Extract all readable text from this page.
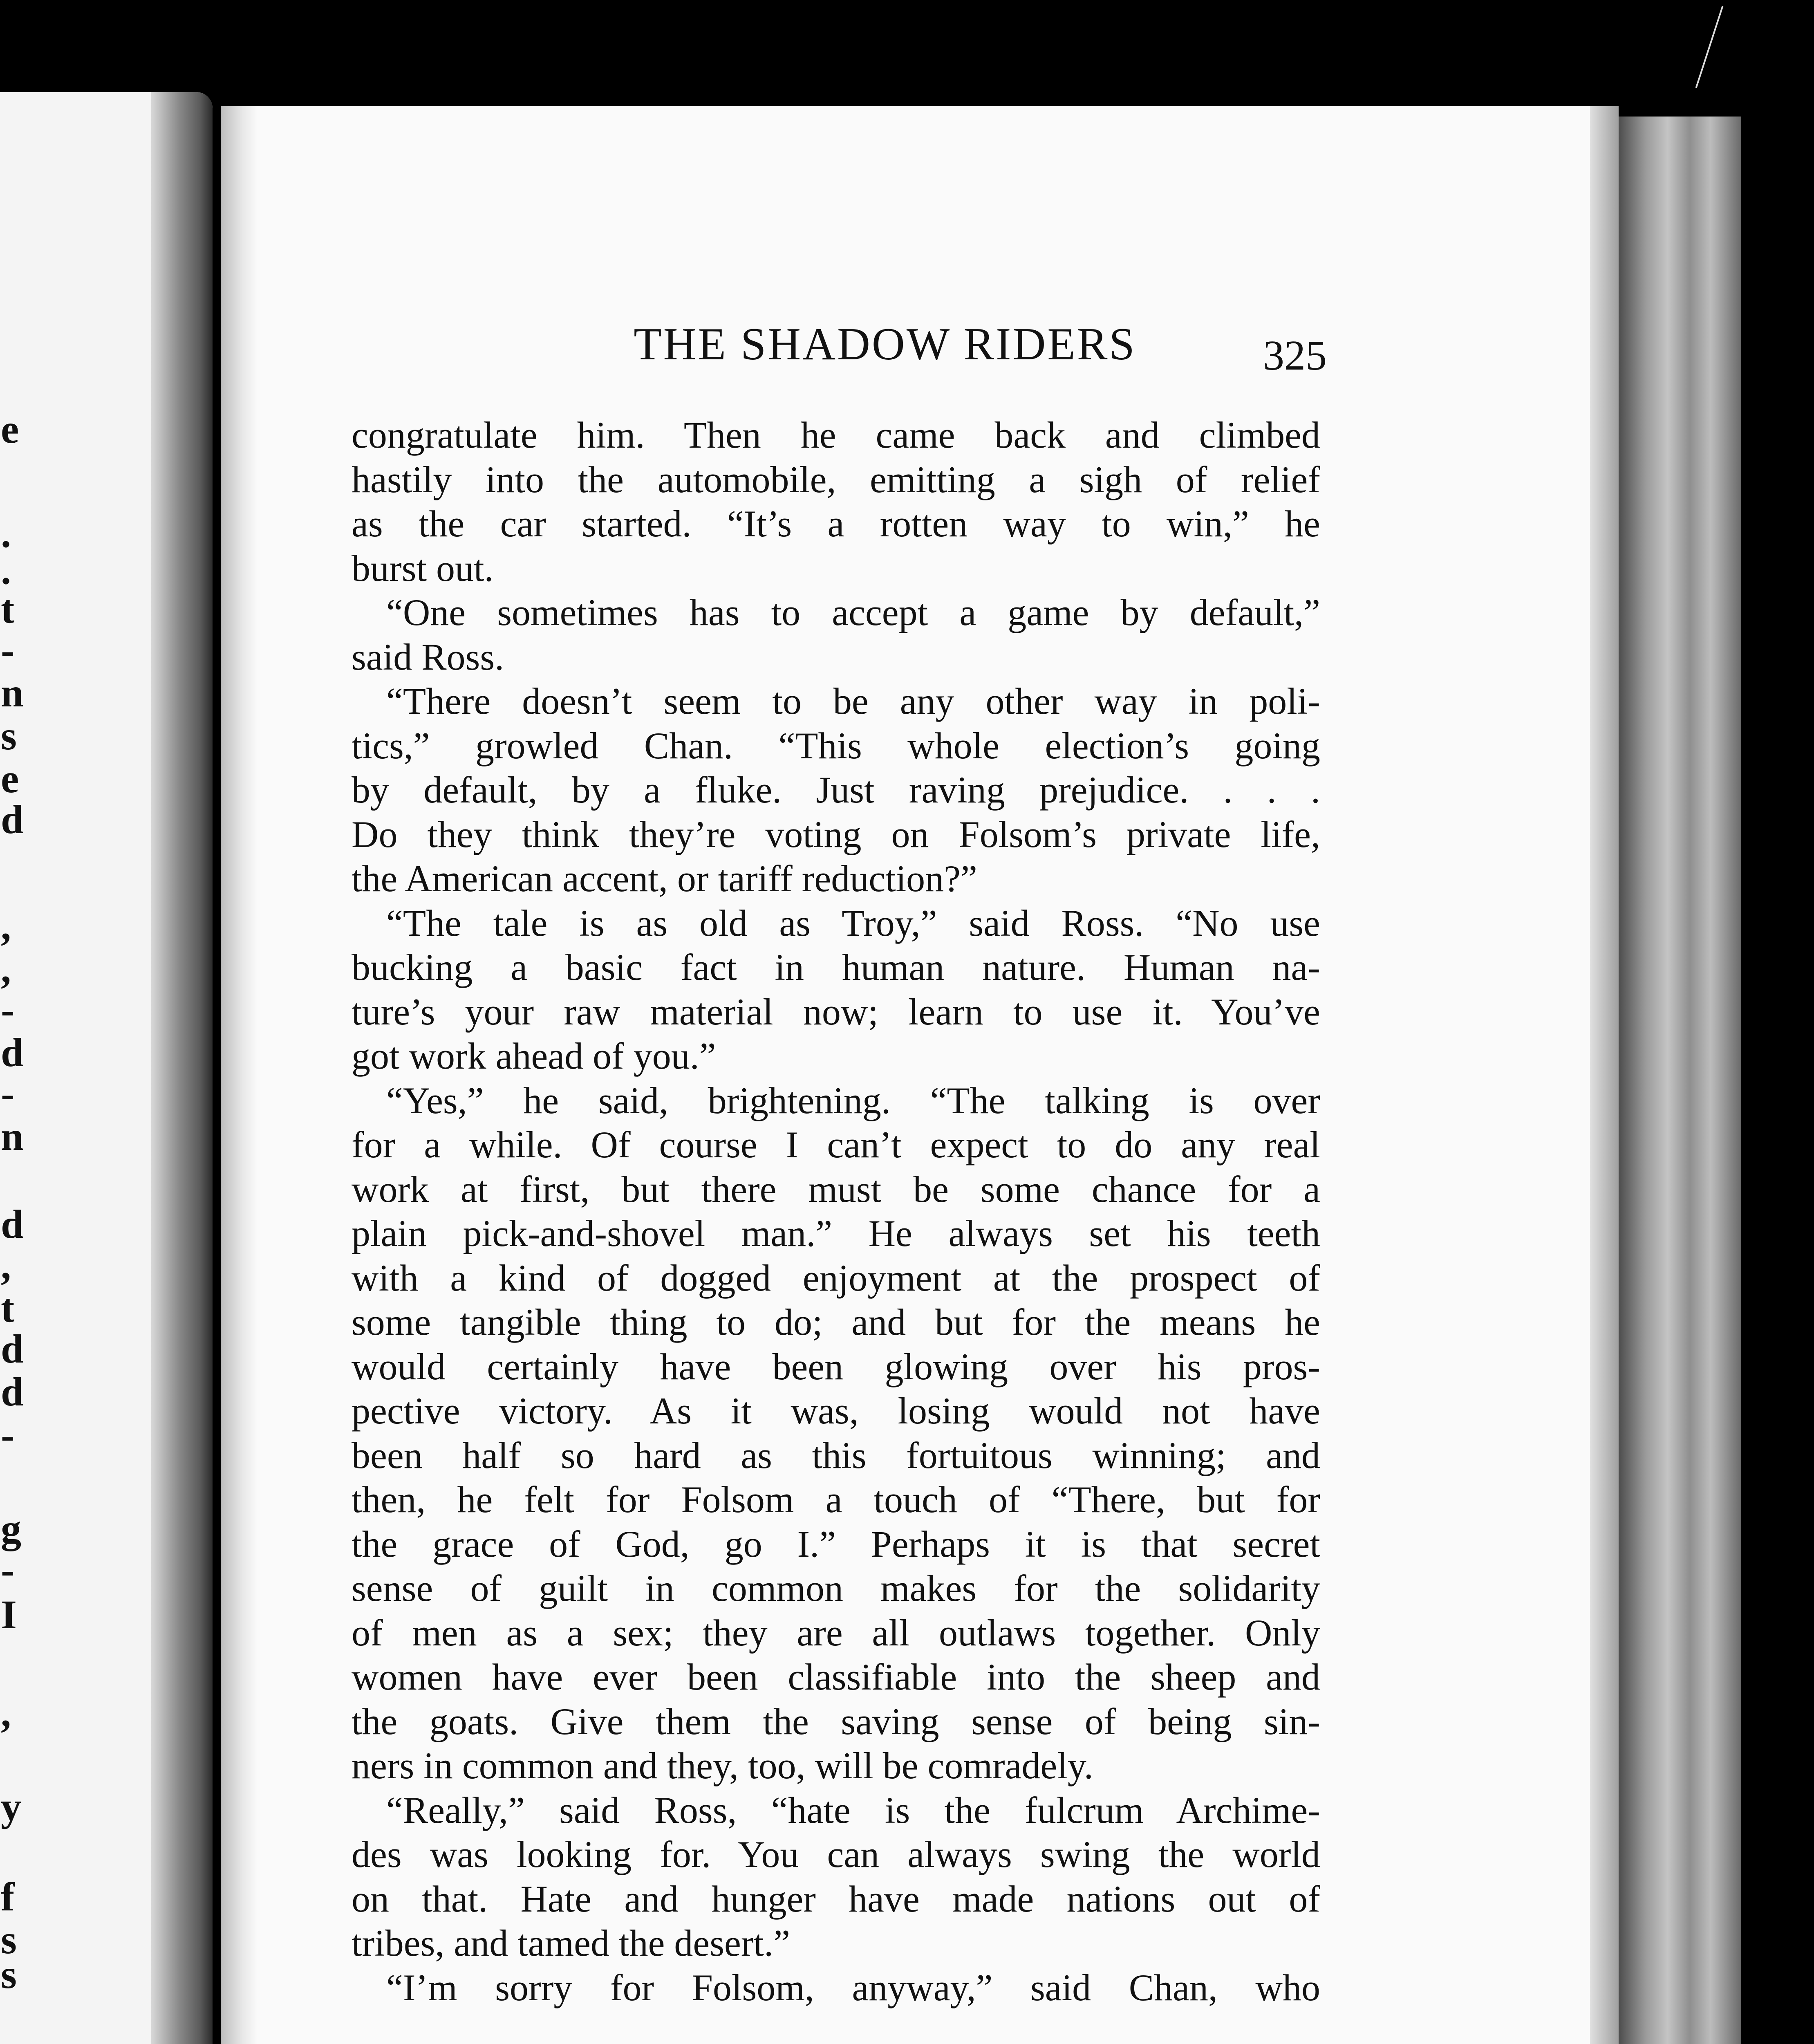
e
.
.
t
-
n
s
e
d
,
,
-
d
-
n
d
,
t
d
d
-
g
-
I
,
y
f
s
s
THE SHADOW RIDERS	325
congratulate him. Then he came back and climbed
hastily into the automobile, emitting a sigh of relief
as the car started. “It’s a rotten way to win,” he
burst out.
“One sometimes has to accept a game by default,”
said Ross.
“There doesn’t seem to be any other way in poli-
tics,” growled Chan. “This whole election’s going
by default, by a fluke. Just raving prejudice. . . .
Do they think they’re voting on Folsom’s private life,
the American accent, or tariff reduction?”
“The tale is as old as Troy,” said Ross. “No use
bucking a basic fact in human nature. Human na-
ture’s your raw material now; learn to use it. You’ve
got work ahead of you.”
“Yes,” he said, brightening. “The talking is over
for a while. Of course I can’t expect to do any real
work at first, but there must be some chance for a
plain pick-and-shovel man.” He always set his teeth
with a kind of dogged enjoyment at the prospect of
some tangible thing to do; and but for the means he
would certainly have been glowing over his pros-
pective victory. As it was, losing would not have
been half so hard as this fortuitous winning; and
then, he felt for Folsom a touch of “There, but for
the grace of God, go I.” Perhaps it is that secret
sense of guilt in common makes for the solidarity
of men as a sex; they are all outlaws together. Only
women have ever been classifiable into the sheep and
the goats. Give them the saving sense of being sin-
ners in common and they, too, will be comradely.
“Really,” said Ross, “hate is the fulcrum Archime-
des was looking for. You can always swing the world
on that. Hate and hunger have made nations out of
tribes, and tamed the desert.”
“I’m sorry for Folsom, anyway,” said Chan, who
